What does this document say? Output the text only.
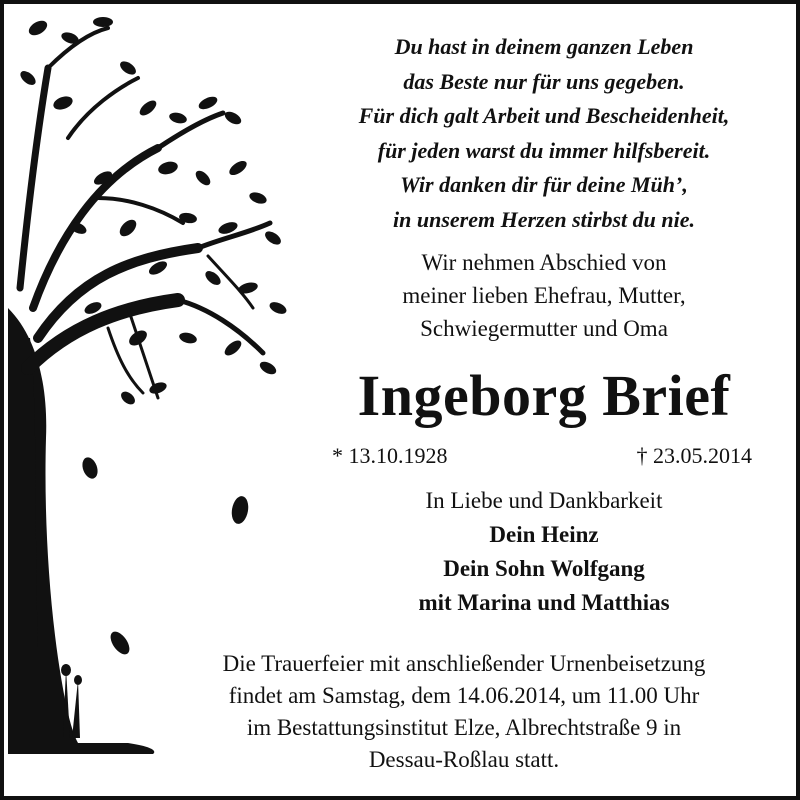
Du hast in deinem ganzen Leben
das Beste nur für uns gegeben.
Für dich galt Arbeit und Bescheidenheit,
für jeden warst du immer hilfsbereit.
Wir danken dir für deine Müh’,
in unserem Herzen stirbst du nie.
Wir nehmen Abschied von
meiner lieben Ehefrau, Mutter,
Schwiegermutter und Oma
Ingeborg Brief
* 13.10.1928	† 23.05.2014
In Liebe und Dankbarkeit
Dein Heinz
Dein Sohn Wolfgang
mit Marina und Matthias
Die Trauerfeier mit anschließender Urnenbeisetzung
findet am Samstag, dem 14.06.2014, um 11.00 Uhr
im Bestattungsinstitut Elze, Albrechtstraße 9 in
Dessau-Roßlau statt.
